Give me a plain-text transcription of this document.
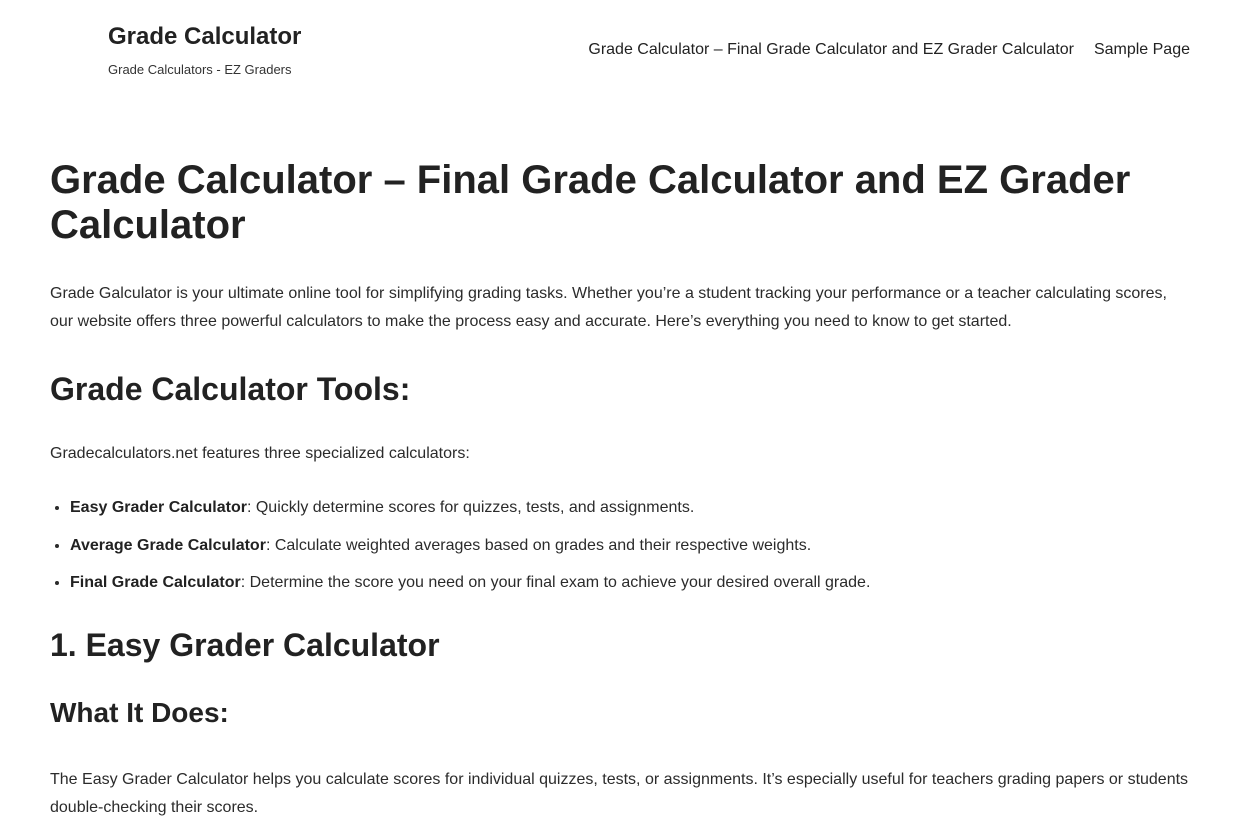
Grade Calculator
Grade Calculators - EZ Graders
Grade Calculator – Final Grade Calculator and EZ Grader Calculator Sample Page
Grade Calculator – Final Grade Calculator and EZ Grader Calculator

Grade Galculator is your ultimate online tool for simplifying grading tasks. Whether you’re a student tracking your performance or a teacher calculating scores, our website offers three powerful calculators to make the process easy and accurate. Here’s everything you need to know to get started.

Grade Calculator Tools:

Gradecalculators.net features three specialized calculators:

• Easy Grader Calculator: Quickly determine scores for quizzes, tests, and assignments.
• Average Grade Calculator: Calculate weighted averages based on grades and their respective weights.
• Final Grade Calculator: Determine the score you need on your final exam to achieve your desired overall grade.
1. Easy Grader Calculator
What It Does:

The Easy Grader Calculator helps you calculate scores for individual quizzes, tests, or assignments. It’s especially useful for teachers grading papers or students double-checking their scores.
